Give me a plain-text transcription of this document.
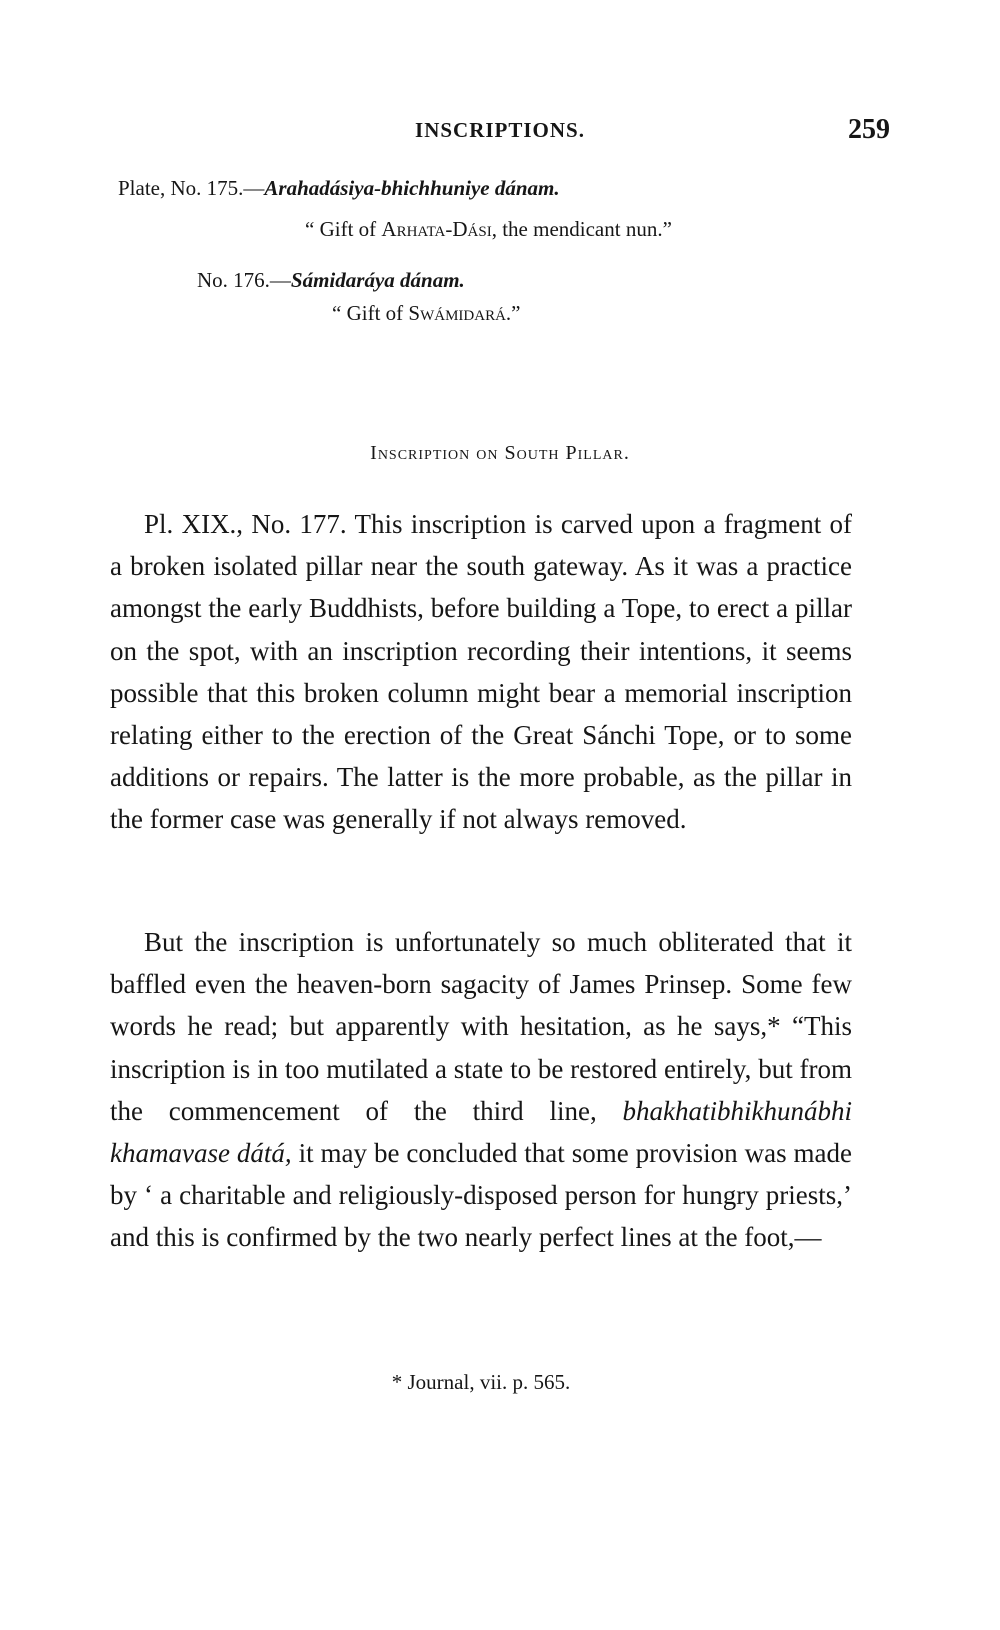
INSCRIPTIONS.	259
Plate, No. 175.—Arahadásiya-bhichhuniye dánam.
“ Gift of Arhata-Dási, the mendicant nun.”
No. 176.—Sámidaráya dánam.
“ Gift of Swámidará.”
Inscription on South Pillar.

Pl. XIX., No. 177. This inscription is carved upon a fragment of a broken isolated pillar near the south gateway. As it was a practice amongst the early Buddhists, before building a Tope, to erect a pillar on the spot, with an inscription recording their intentions, it seems possible that this broken column might bear a memorial inscription relating either to the erection of the Great Sánchi Tope, or to some additions or repairs. The latter is the more probable, as the pillar in the former case was generally if not always removed.

But the inscription is unfortunately so much obliterated that it baffled even the heaven-born sagacity of James Prinsep. Some few words he read; but apparently with hesitation, as he says,* “This inscription is in too mutilated a state to be restored entirely, but from the commencement of the third line, bhakhatibhikhunábhi khamavase dátá, it may be concluded that some provision was made by ‘ a charitable and religiously-disposed person for hungry priests,’ and this is confirmed by the two nearly perfect lines at the foot,—

* Journal, vii. p. 565.
